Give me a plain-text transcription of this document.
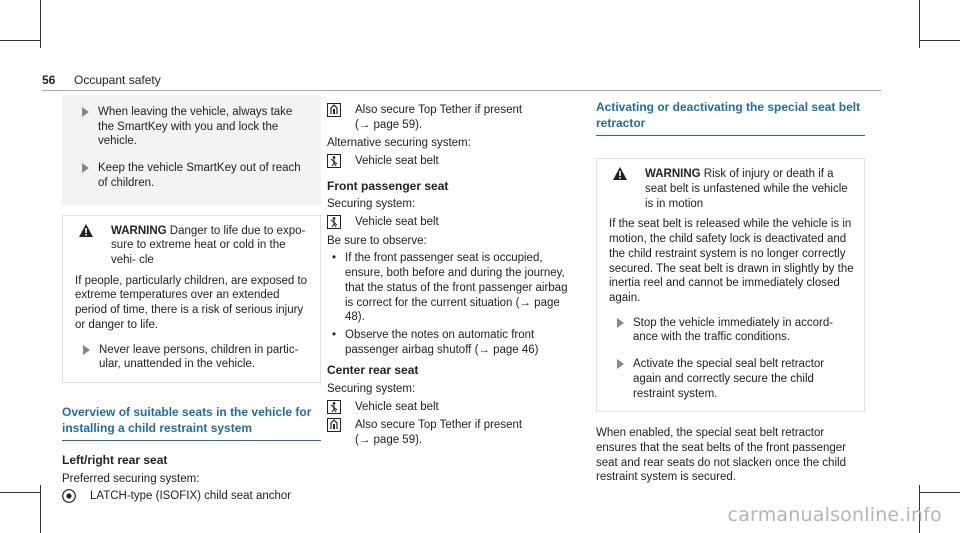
56 Occupant safety
When leaving the vehicle, always take the SmartKey with you and lock the vehicle.
Keep the vehicle SmartKey out of reach of children.
WARNING Danger to life due to expo- sure to extreme heat or cold in the vehi- cle

If people, particularly children, are exposed to extreme temperatures over an extended period of time, there is a risk of serious injury or danger to life.

Never leave persons, children in partic- ular, unattended in the vehicle.
Overview of suitable seats in the vehicle for installing a child restraint system
Left/right rear seat

Preferred securing system:

LATCH-type (ISOFIX) child seat anchor
Also secure Top Tether if present
(→ page 59).

Alternative securing system:

Vehicle seat belt
Front passenger seat

Securing system:

Vehicle seat belt

Be sure to observe:

• If the front passenger seat is occupied, ensure, both before and during the journey, that the status of the front passenger airbag is correct for the current situation (→ page 48).
• Observe the notes on automatic front passenger airbag shutoff (→ page 46)
Center rear seat

Securing system:

Vehicle seat belt
Also secure Top Tether if present
(→ page 59).
Activating or deactivating the special seat belt retractor
WARNING Risk of injury or death if a seat belt is unfastened while the vehicle is in motion

If the seat belt is released while the vehicle is in motion, the child safety lock is deactivated and the child restraint system is no longer correctly secured. The seat belt is drawn in slightly by the inertia reel and cannot be immediately closed again.

Stop the vehicle immediately in accord- ance with the traffic conditions.
Activate the special seal belt retractor again and correctly secure the child restraint system.

When enabled, the special seat belt retractor ensures that the seat belts of the front passenger seat and rear seats do not slacken once the child restraint system is secured.

carmanualsonline.info
